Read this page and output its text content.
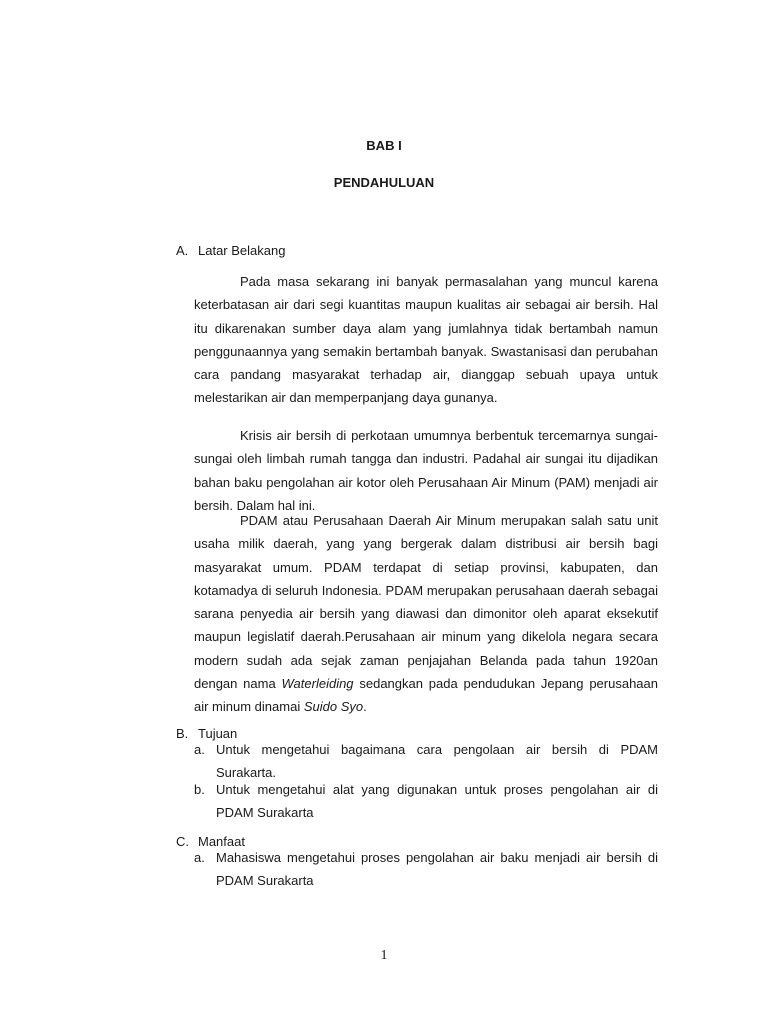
BAB I
PENDAHULUAN
A. Latar Belakang
Pada masa sekarang ini banyak permasalahan yang muncul karena keterbatasan air dari segi kuantitas maupun kualitas air sebagai air bersih. Hal itu dikarenakan sumber daya alam yang jumlahnya tidak bertambah namun penggunaannya yang semakin bertambah banyak. Swastanisasi dan perubahan cara pandang masyarakat terhadap air, dianggap sebuah upaya untuk melestarikan air dan memperpanjang daya gunanya.
Krisis air bersih di perkotaan umumnya berbentuk tercemarnya sungai-sungai oleh limbah rumah tangga dan industri. Padahal air sungai itu dijadikan bahan baku pengolahan air kotor oleh Perusahaan Air Minum (PAM) menjadi air bersih. Dalam hal ini.
PDAM atau Perusahaan Daerah Air Minum merupakan salah satu unit usaha milik daerah, yang yang bergerak dalam distribusi air bersih bagi masyarakat umum. PDAM terdapat di setiap provinsi, kabupaten, dan kotamadya di seluruh Indonesia. PDAM merupakan perusahaan daerah sebagai sarana penyedia air bersih yang diawasi dan dimonitor oleh aparat eksekutif maupun legislatif daerah.Perusahaan air minum yang dikelola negara secara modern sudah ada sejak zaman penjajahan Belanda pada tahun 1920an dengan nama Waterleiding sedangkan pada pendudukan Jepang perusahaan air minum dinamai Suido Syo.
B. Tujuan
a. Untuk mengetahui bagaimana cara pengolaan air bersih di PDAM Surakarta.
b. Untuk mengetahui alat yang digunakan untuk proses pengolahan air di PDAM Surakarta
C. Manfaat
a. Mahasiswa mengetahui proses pengolahan air baku menjadi air bersih di PDAM Surakarta
1
